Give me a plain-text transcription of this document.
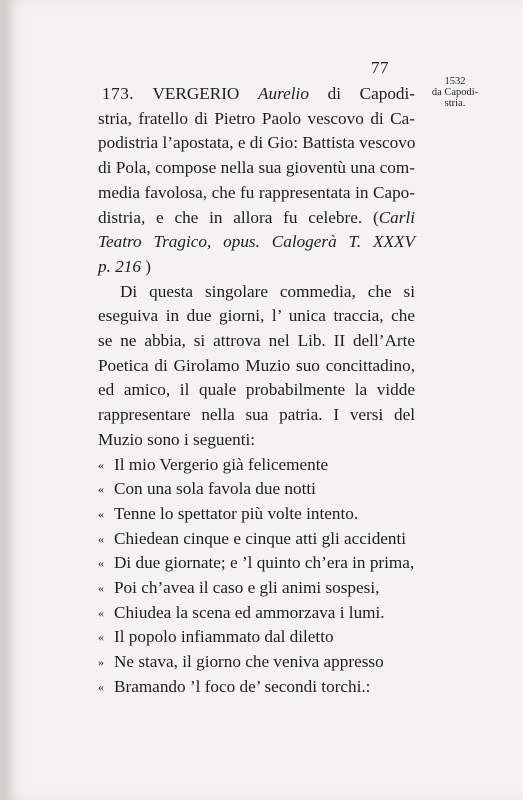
77
1532
da Capodi-
stria.
173. VERGERIO Aurelio di Capodi-
stria, fratello di Pietro Paolo vescovo di Ca-
podistria l’apostata, e di Gio: Battista vescovo
di Pola, compose nella sua gioventù una com-
media favolosa, che fu rappresentata in Capo-
distria, e che in allora fu celebre. (Carli
Teatro Tragico, opus. Calogerà T. XXXV
p. 216 )
Di questa singolare commedia, che si
eseguiva in due giorni, l’ unica traccia, che
se ne abbia, si attrova nel Lib. II dell’Arte
Poetica di Girolamo Muzio suo concittadino,
ed amico, il quale probabilmente la vidde
rappresentare nella sua patria. I versi del
Muzio sono i seguenti:
« Il mio Vergerio già felicemente
« Con una sola favola due notti
« Tenne lo spettator più volte intento.
« Chiedean cinque e cinque atti gli accidenti
« Di due giornate; e ’l quinto ch’era in prima,
« Poi ch’avea il caso e gli animi sospesi,
« Chiudea la scena ed ammorzava i lumi.
« Il popolo infiammato dal diletto
» Ne stava, il giorno che veniva appresso
« Bramando ’l foco de’ secondi torchi.:
